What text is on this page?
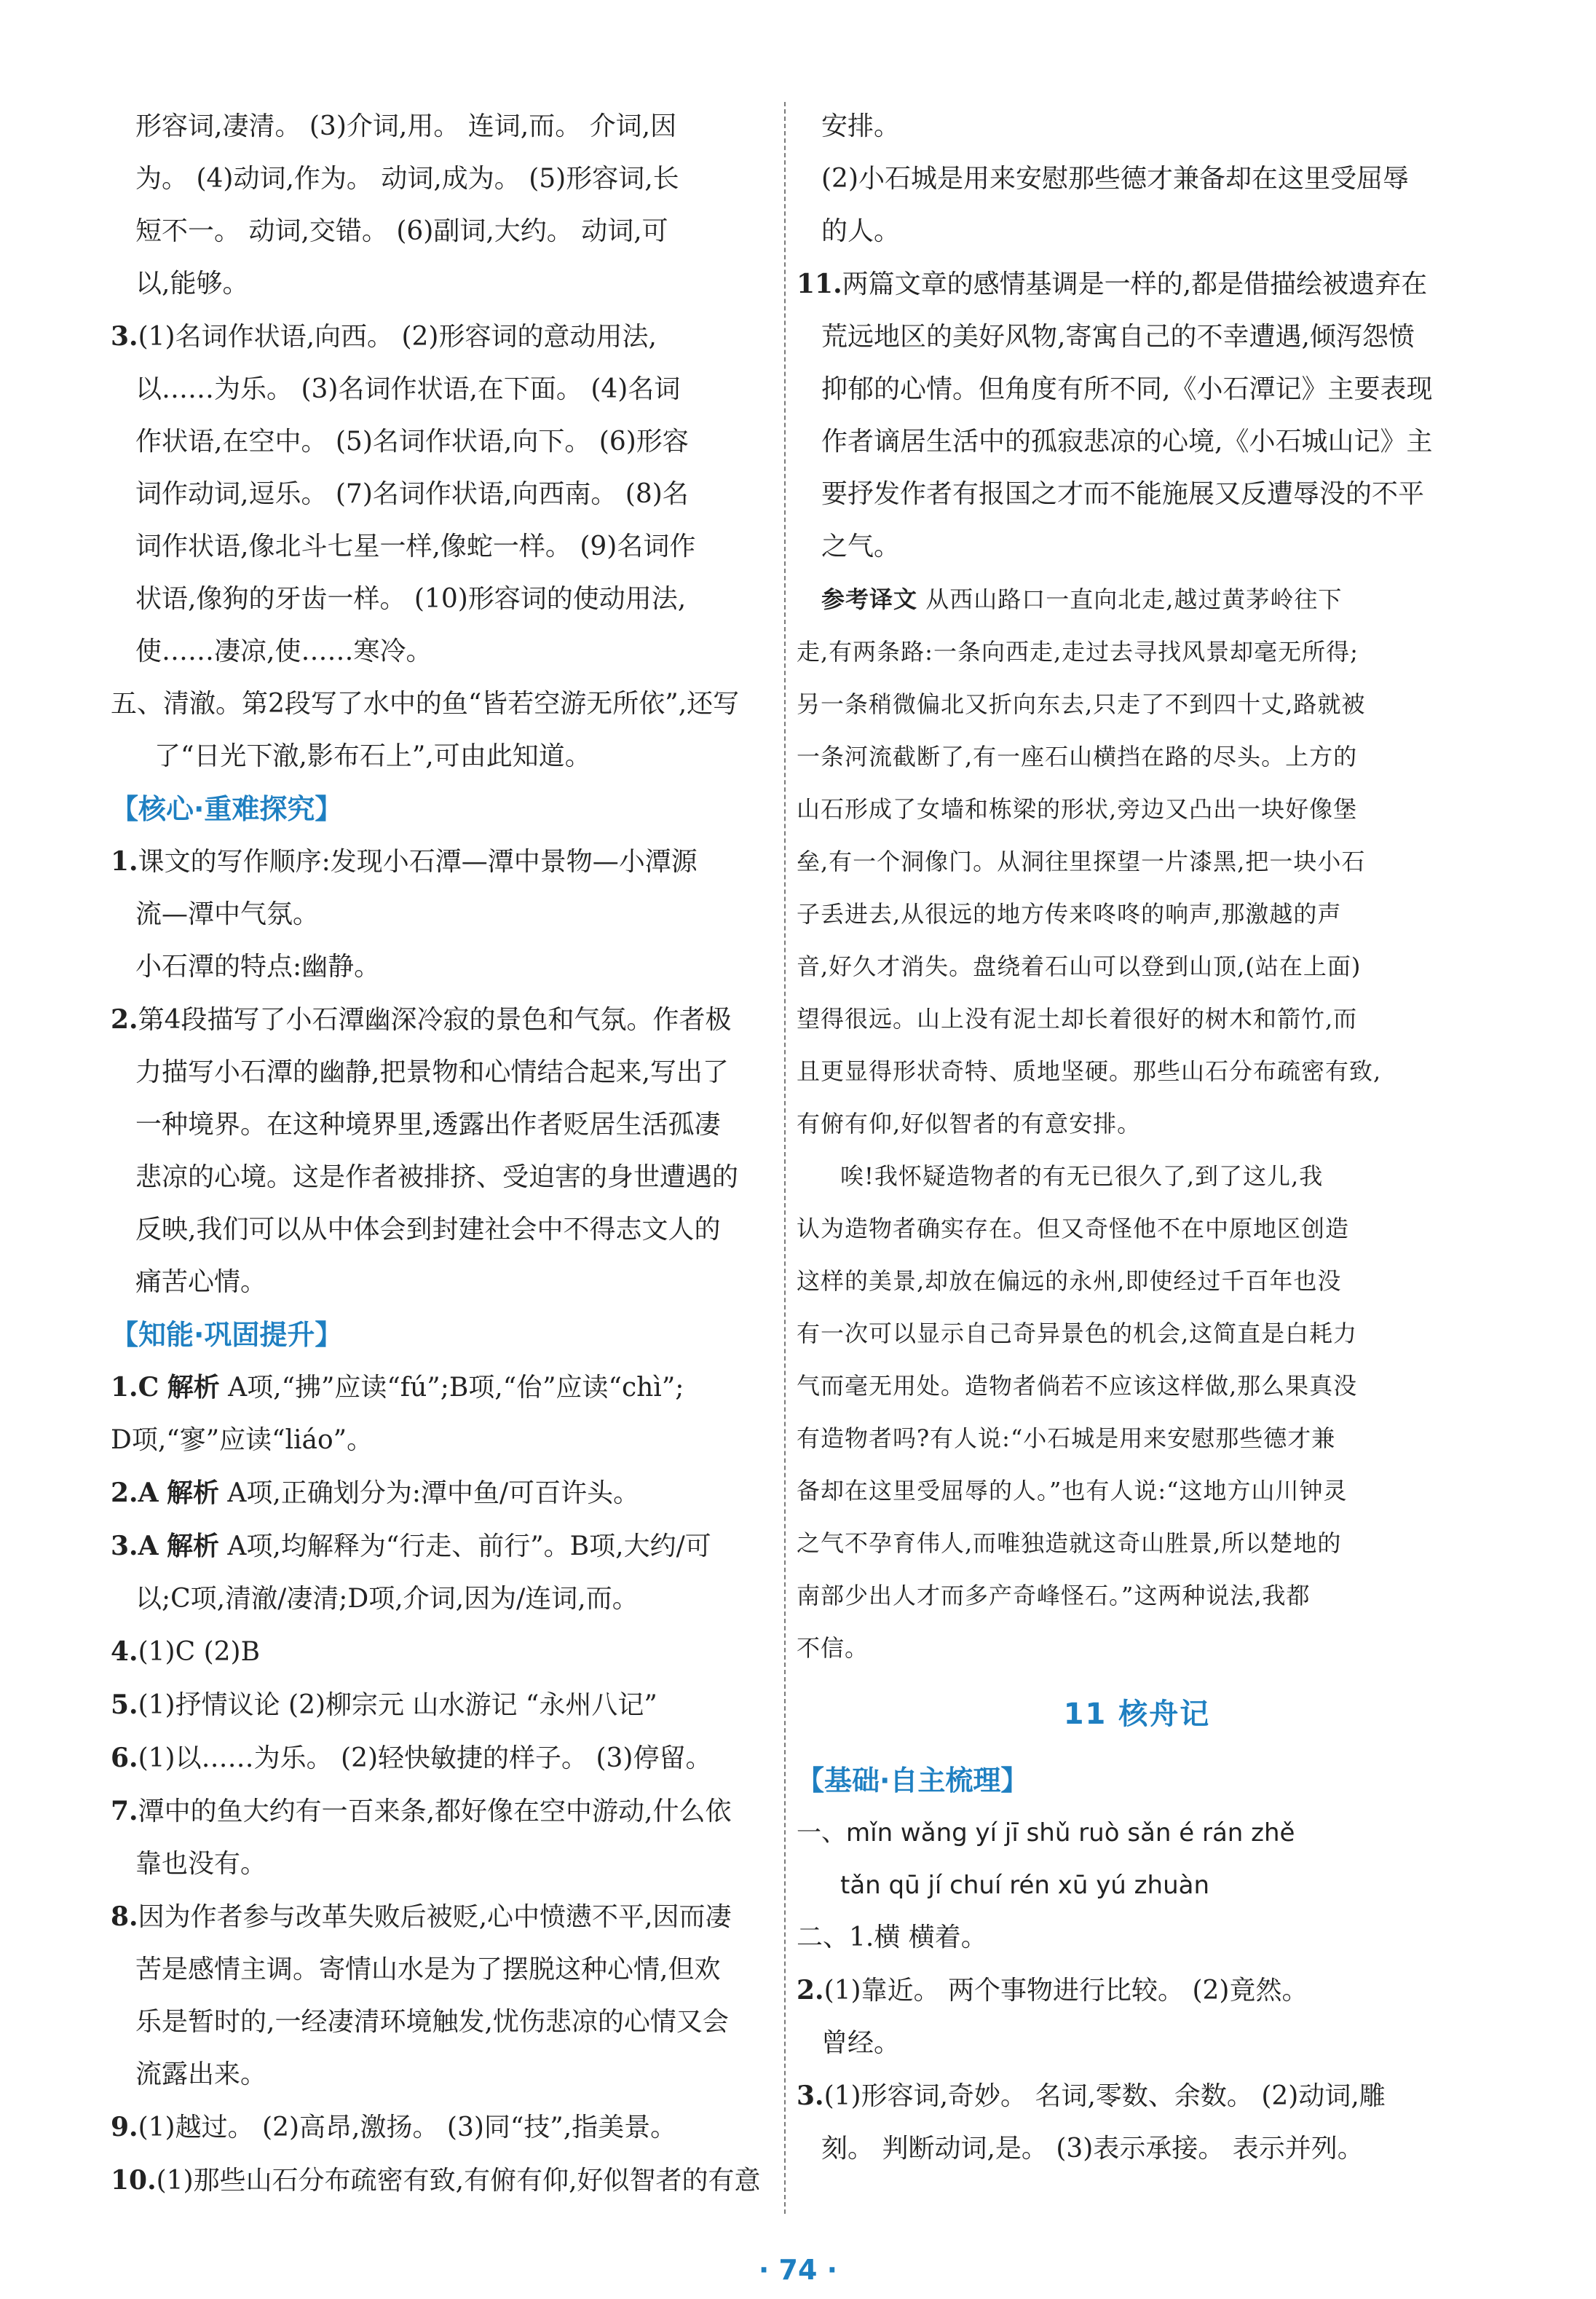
形容词,凄清。 (3)介词,用。 连词,而。 介词,因
为。 (4)动词,作为。 动词,成为。 (5)形容词,长
短不一。 动词,交错。 (6)副词,大约。 动词,可
以,能够。
3.(1)名词作状语,向西。 (2)形容词的意动用法,
以……为乐。 (3)名词作状语,在下面。 (4)名词
作状语,在空中。 (5)名词作状语,向下。 (6)形容
词作动词,逗乐。 (7)名词作状语,向西南。 (8)名
词作状语,像北斗七星一样,像蛇一样。 (9)名词作
状语,像狗的牙齿一样。 (10)形容词的使动用法,
使……凄凉,使……寒冷。
五、清澈。第2段写了水中的鱼“皆若空游无所依”,还写
了“日光下澈,影布石上”,可由此知道。
【核心·重难探究】
1.课文的写作顺序:发现小石潭—潭中景物—小潭源
流—潭中气氛。
小石潭的特点:幽静。
2.第4段描写了小石潭幽深冷寂的景色和气氛。作者极
力描写小石潭的幽静,把景物和心情结合起来,写出了
一种境界。在这种境界里,透露出作者贬居生活孤凄
悲凉的心境。这是作者被排挤、受迫害的身世遭遇的
反映,我们可以从中体会到封建社会中不得志文人的
痛苦心情。
【知能·巩固提升】
1.C 解析 A项,“拂”应读“fú”;B项,“佁”应读“chì”;
D项,“寥”应读“liáo”。
2.A 解析 A项,正确划分为:潭中鱼/可百许头。
3.A 解析 A项,均解释为“行走、前行”。B项,大约/可
以;C项,清澈/凄清;D项,介词,因为/连词,而。
4.(1)C (2)B
5.(1)抒情议论 (2)柳宗元 山水游记 “永州八记”
6.(1)以……为乐。 (2)轻快敏捷的样子。 (3)停留。
7.潭中的鱼大约有一百来条,都好像在空中游动,什么依
靠也没有。
8.因为作者参与改革失败后被贬,心中愤懑不平,因而凄
苦是感情主调。寄情山水是为了摆脱这种心情,但欢
乐是暂时的,一经凄清环境触发,忧伤悲凉的心情又会
流露出来。
9.(1)越过。 (2)高昂,激扬。 (3)同“技”,指美景。
10.(1)那些山石分布疏密有致,有俯有仰,好似智者的有意
安排。
(2)小石城是用来安慰那些德才兼备却在这里受屈辱
的人。
11.两篇文章的感情基调是一样的,都是借描绘被遗弃在
荒远地区的美好风物,寄寓自己的不幸遭遇,倾泻怨愤
抑郁的心情。但角度有所不同,《小石潭记》主要表现
作者谪居生活中的孤寂悲凉的心境,《小石城山记》主
要抒发作者有报国之才而不能施展又反遭辱没的不平
之气。
参考译文 从西山路口一直向北走,越过黄茅岭往下
走,有两条路:一条向西走,走过去寻找风景却毫无所得;
另一条稍微偏北又折向东去,只走了不到四十丈,路就被
一条河流截断了,有一座石山横挡在路的尽头。上方的
山石形成了女墙和栋梁的形状,旁边又凸出一块好像堡
垒,有一个洞像门。从洞往里探望一片漆黑,把一块小石
子丢进去,从很远的地方传来咚咚的响声,那激越的声
音,好久才消失。盘绕着石山可以登到山顶,(站在上面)
望得很远。山上没有泥土却长着很好的树木和箭竹,而
且更显得形状奇特、质地坚硬。那些山石分布疏密有致,
有俯有仰,好似智者的有意安排。
唉!我怀疑造物者的有无已很久了,到了这儿,我
认为造物者确实存在。但又奇怪他不在中原地区创造
这样的美景,却放在偏远的永州,即使经过千百年也没
有一次可以显示自己奇异景色的机会,这简直是白耗力
气而毫无用处。造物者倘若不应该这样做,那么果真没
有造物者吗?有人说:“小石城是用来安慰那些德才兼
备却在这里受屈辱的人。”也有人说:“这地方山川钟灵
之气不孕育伟人,而唯独造就这奇山胜景,所以楚地的
南部少出人才而多产奇峰怪石。”这两种说法,我都
不信。
11 核舟记
【基础·自主梳理】
一、mǐn wǎng yí jī shǔ ruò sǎn é rán zhě
tǎn qū jí chuí rén xū yú zhuàn
二、1.横 横着。
2.(1)靠近。 两个事物进行比较。 (2)竟然。
曾经。
3.(1)形容词,奇妙。 名词,零数、余数。 (2)动词,雕
刻。 判断动词,是。 (3)表示承接。 表示并列。
· 74 ·
